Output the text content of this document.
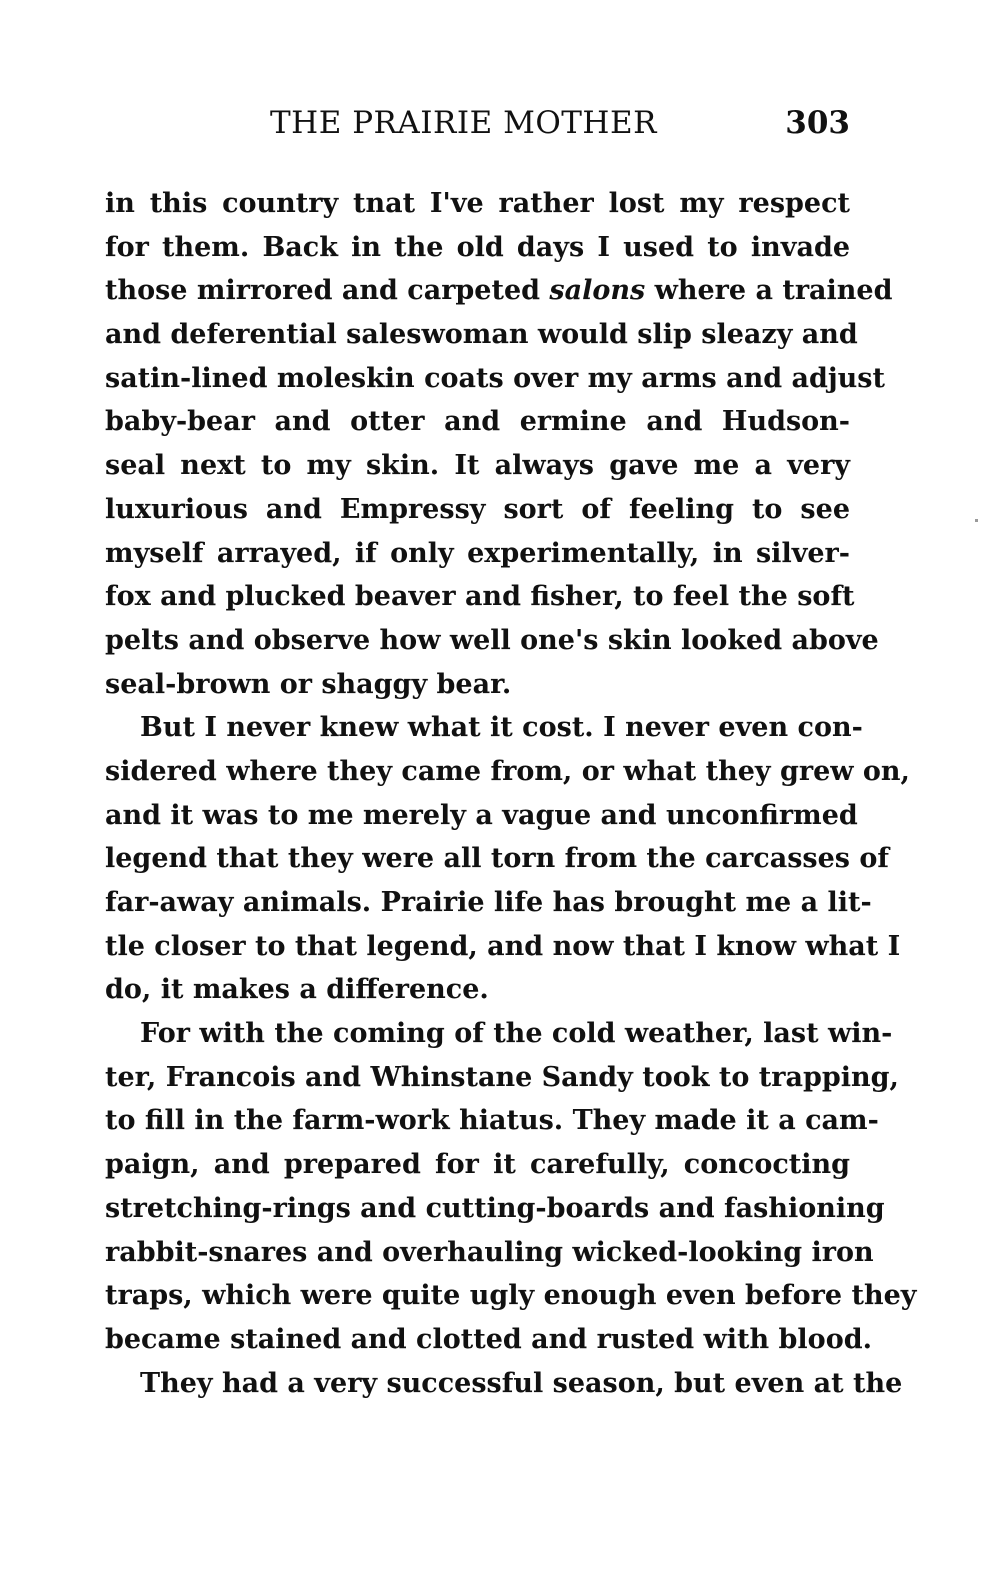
THE PRAIRIE MOTHER	303
in this country tnat I've rather lost my respect
for them. Back in the old days I used to invade
those mirrored and carpeted salons where a trained
and deferential saleswoman would slip sleazy and
satin-lined moleskin coats over my arms and adjust
baby-bear and otter and ermine and Hudson-
seal next to my skin. It always gave me a very
luxurious and Empressy sort of feeling to see
myself arrayed, if only experimentally, in silver-
fox and plucked beaver and fisher, to feel the soft
pelts and observe how well one's skin looked above
seal-brown or shaggy bear.
But I never knew what it cost. I never even con-
sidered where they came from, or what they grew on,
and it was to me merely a vague and unconfirmed
legend that they were all torn from the carcasses of
far-away animals. Prairie life has brought me a lit-
tle closer to that legend, and now that I know what I
do, it makes a difference.
For with the coming of the cold weather, last win-
ter, Francois and Whinstane Sandy took to trapping,
to fill in the farm-work hiatus. They made it a cam-
paign, and prepared for it carefully, concocting
stretching-rings and cutting-boards and fashioning
rabbit-snares and overhauling wicked-looking iron
traps, which were quite ugly enough even before they
became stained and clotted and rusted with blood.
They had a very successful season, but even at the
